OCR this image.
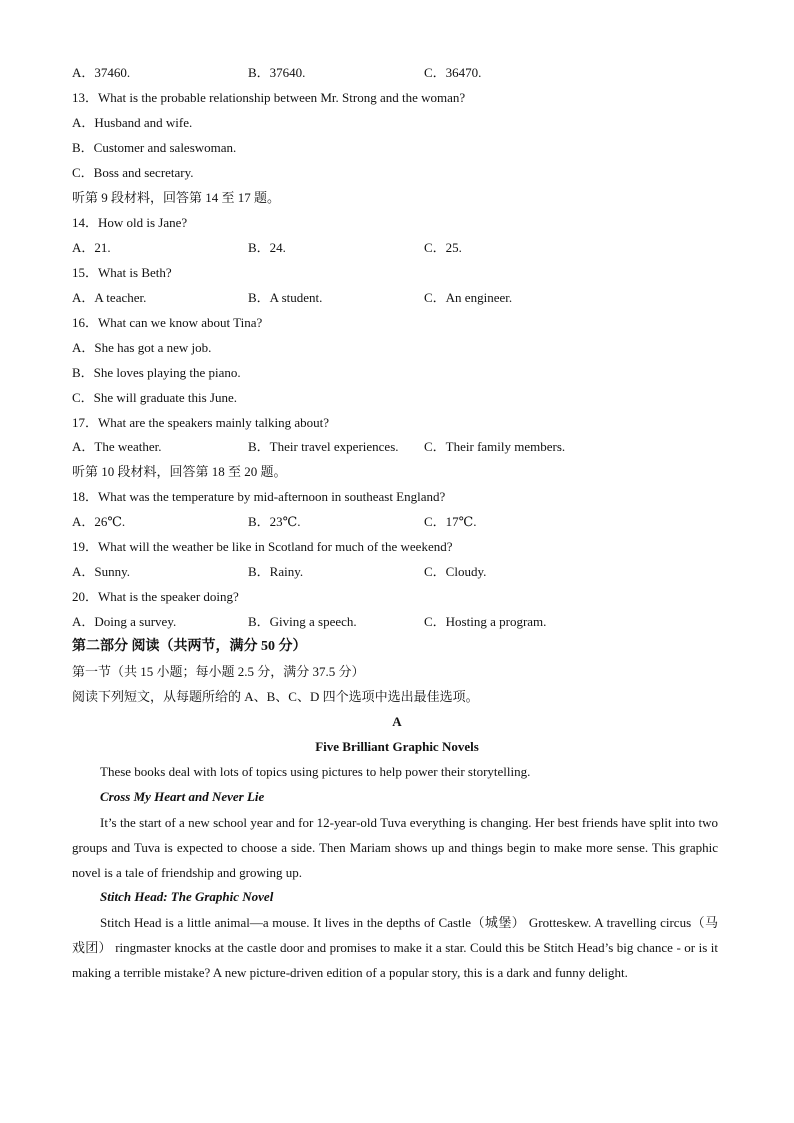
A．37460.	B．37640.	C．36470.
13．What is the probable relationship between Mr. Strong and the woman?
A．Husband and wife.
B．Customer and saleswoman.
C．Boss and secretary.
听第 9 段材料，回答第 14 至 17 题。
14．How old is Jane?
A．21.	B．24.	C．25.
15．What is Beth?
A．A teacher.	B．A student.	C．An engineer.
16．What can we know about Tina?
A．She has got a new job.
B．She loves playing the piano.
C．She will graduate this June.
17．What are the speakers mainly talking about?
A．The weather.	B．Their travel experiences. C．Their family members.
听第 10 段材料，回答第 18 至 20 题。
18．What was the temperature by mid-afternoon in southeast England?
A．26℃.	B．23℃.	C．17℃.
19．What will the weather be like in Scotland for much of the weekend?
A．Sunny.	B．Rainy.	C．Cloudy.
20．What is the speaker doing?
A．Doing a survey.	B．Giving a speech.	C．Hosting a program.
第二部分 阅读（共两节，满分 50 分）
第一节（共 15 小题；每小题 2.5 分，满分 37.5 分）
阅读下列短文，从每题所给的 A、B、C、D 四个选项中选出最佳选项。
A
Five Brilliant Graphic Novels
These books deal with lots of topics using pictures to help power their storytelling.
Cross My Heart and Never Lie
It’s the start of a new school year and for 12-year-old Tuva everything is changing. Her best friends have split into two groups and Tuva is expected to choose a side. Then Mariam shows up and things begin to make more sense. This graphic novel is a tale of friendship and growing up.
Stitch Head: The Graphic Novel
Stitch Head is a little animal—a mouse. It lives in the depths of Castle（城堡） Grotteskew. A travelling circus（马戏团） ringmaster knocks at the castle door and promises to make it a star. Could this be Stitch Head’s big chance - or is it making a terrible mistake? A new picture-driven edition of a popular story, this is a dark and funny delight.
